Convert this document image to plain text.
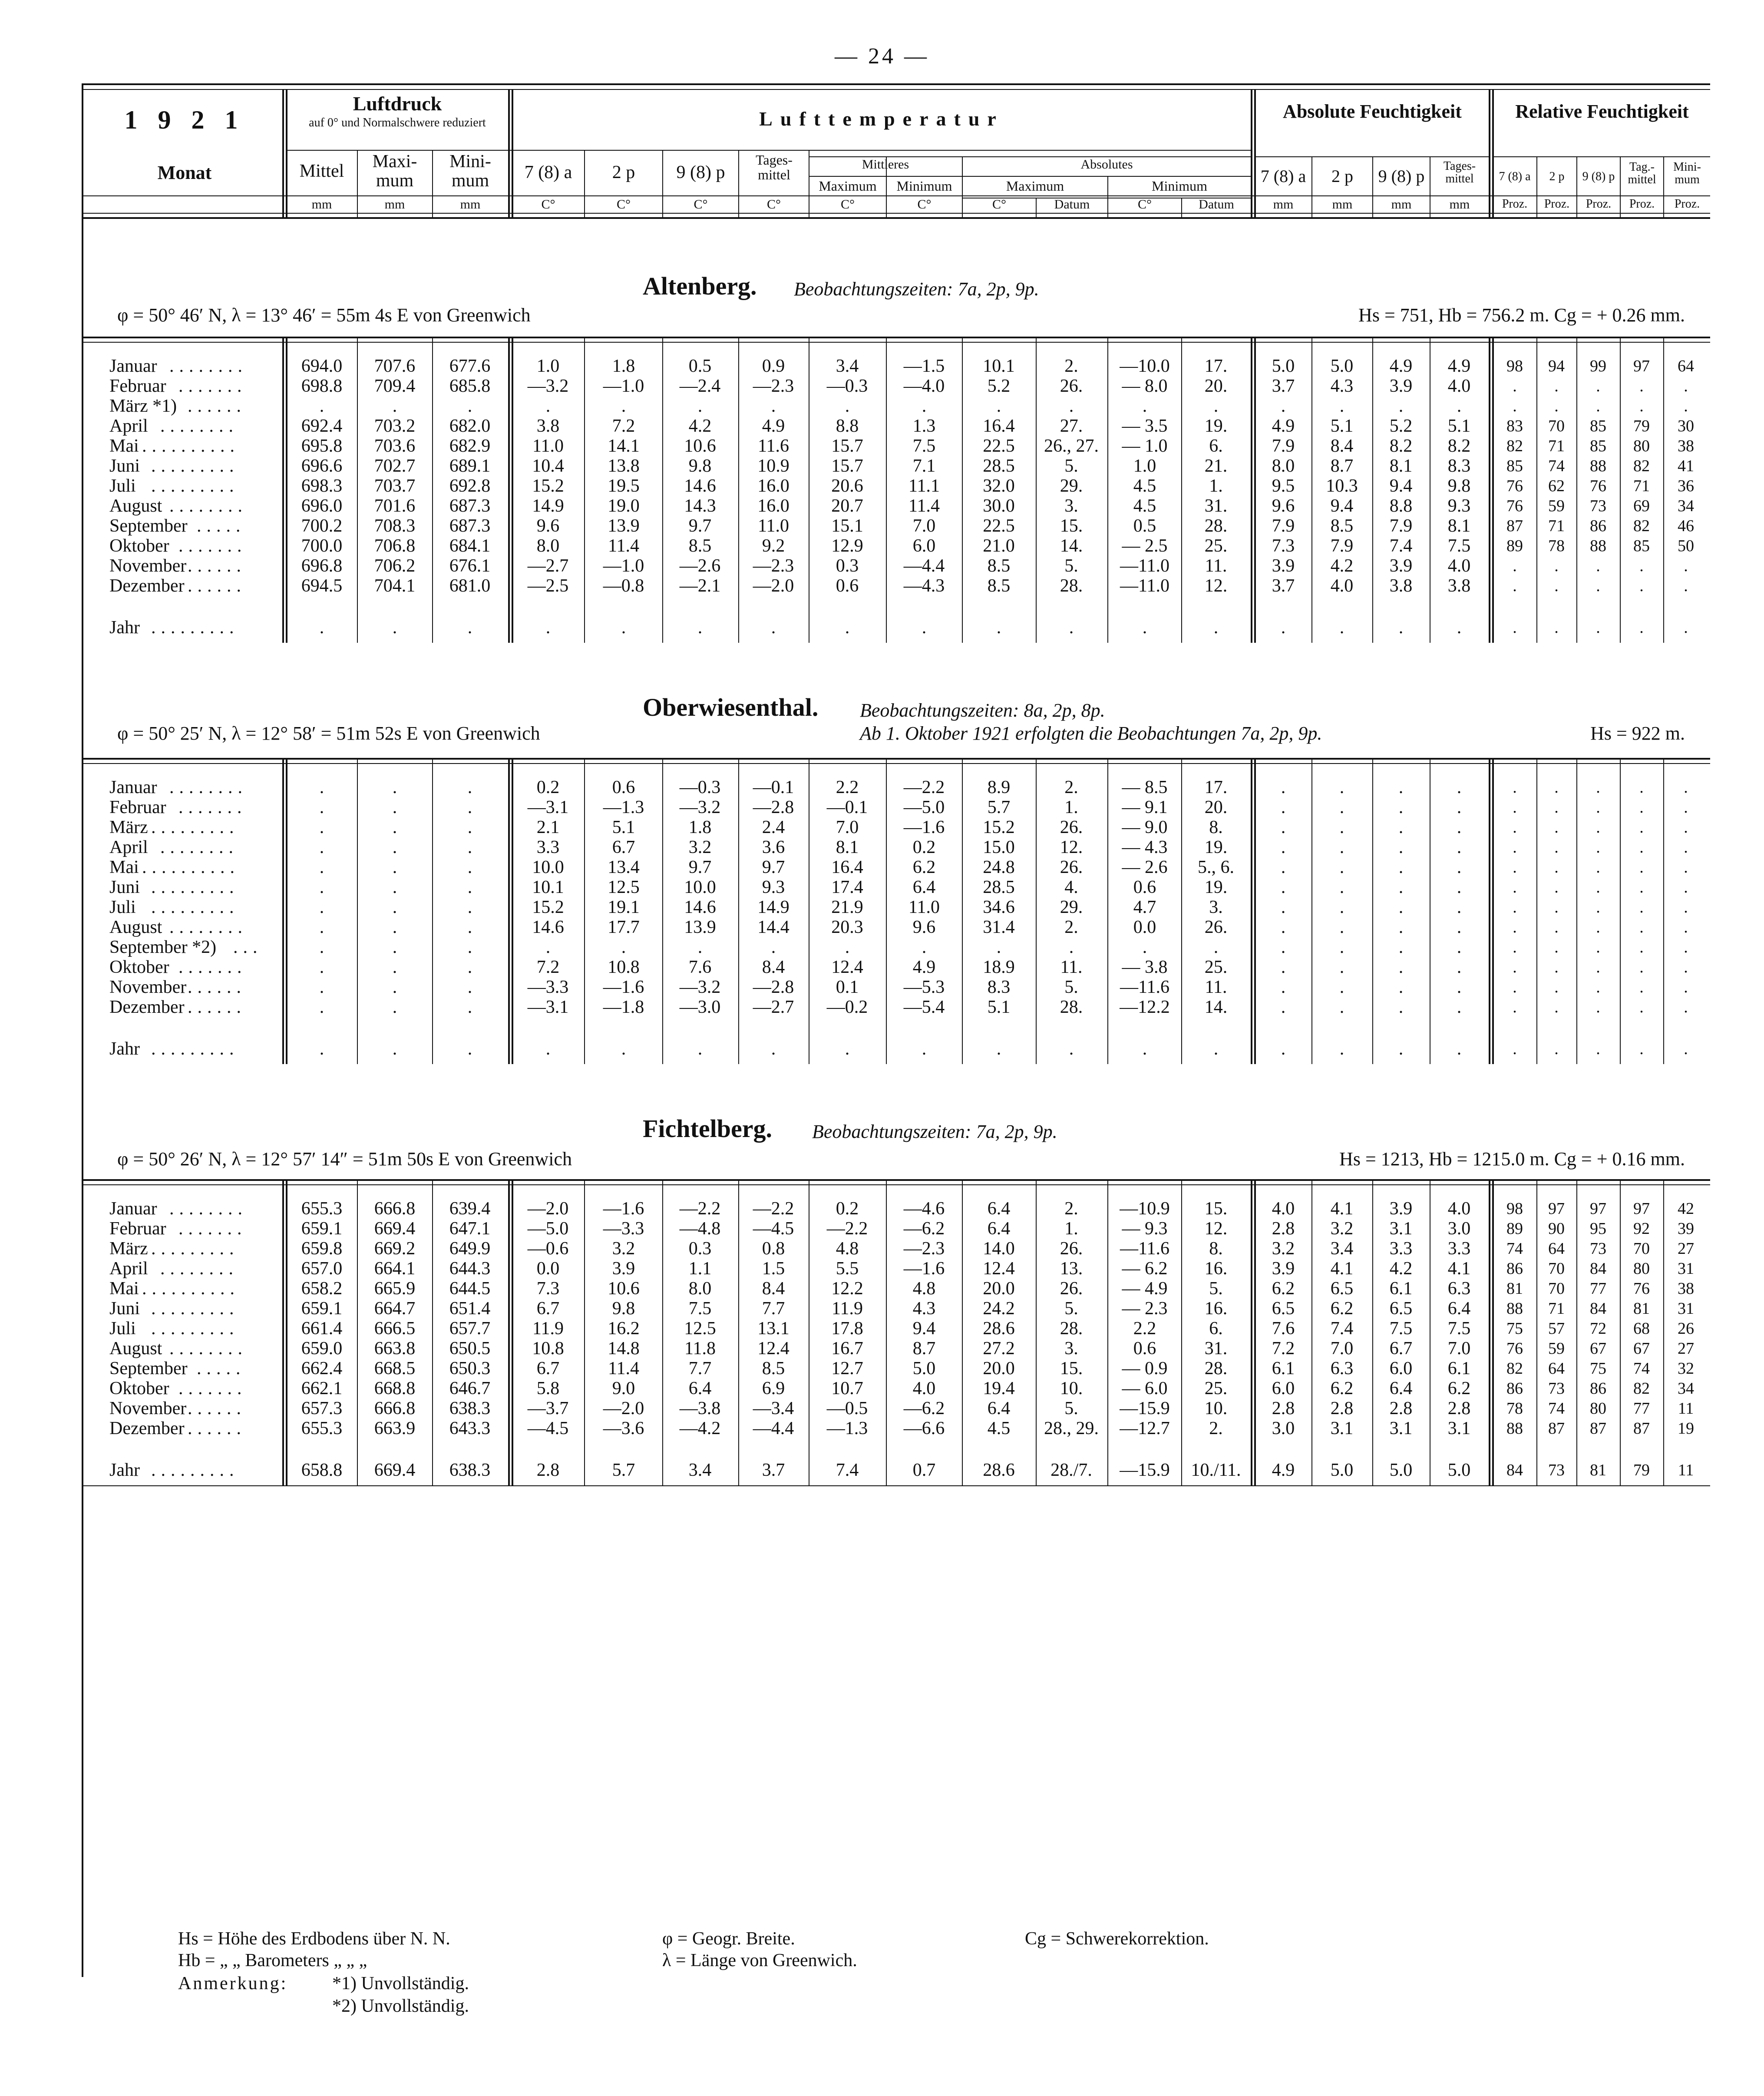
— 24 —
1 9 2 1
Monat
Luftdruck
auf 0° und Normalschwere reduziert
Mittel	Maxi-mum
Mini-mum
Lufttemperatur
7 (8) a	2 p	9 (8) p
Tages-mittel
Mittleres	Absolutes
Maximum	Minimum	Maximum	Minimum
Absolute Feuchtigkeit
7 (8) a	2 p	9 (8) p
Tages-mittel
Relative Feuchtigkeit
7 (8) a	2 p	9 (8) p
Tag.-mittel
Mini-mum
mm	mm	mm	C°	C°	C°	C°	C°	C°	C°	Datum	C°	Datum	mm	mm	mm	mm	Proz.	Proz.	Proz.	Proz.	Proz.
Altenberg. Beobachtungszeiten: 7a, 2p, 9p.
φ = 50° 46′ N, λ = 13° 46′ = 55m 4s E von Greenwich	Hs = 751, Hb = 756.2 m. Cg = + 0.26 mm.
Januar ........	694.0	707.6	677.6	1.0	1.8	0.5	0.9	3.4	—1.5	10.1	2.	—10.0	17.	5.0	5.0	4.9	4.9	98	94	99	97	64
Februar .......	698.8	709.4	685.8	—3.2	—1.0	—2.4	—2.3	—0.3	—4.0	5.2	26.	— 8.0	20.	3.7	4.3	3.9	4.0	.	.	.	.	.
März *1) ......	.	.	.	.	.	.	.	.	.	.	.	.	.	.	.	.	.	.	.	.	.	.
April ........	692.4	703.2	682.0	3.8	7.2	4.2	4.9	8.8	1.3	16.4	27.	— 3.5	19.	4.9	5.1	5.2	5.1	83	70	85	79	30
Mai ..........	695.8	703.6	682.9	11.0	14.1	10.6	11.6	15.7	7.5	22.5	26., 27.	— 1.0	6.	7.9	8.4	8.2	8.2	82	71	85	80	38
Juni .........	696.6	702.7	689.1	10.4	13.8	9.8	10.9	15.7	7.1	28.5	5.	1.0	21.	8.0	8.7	8.1	8.3	85	74	88	82	41
Juli .........	698.3	703.7	692.8	15.2	19.5	14.6	16.0	20.6	11.1	32.0	29.	4.5	1.	9.5	10.3	9.4	9.8	76	62	76	71	36
August ........	696.0	701.6	687.3	14.9	19.0	14.3	16.0	20.7	11.4	30.0	3.	4.5	31.	9.6	9.4	8.8	9.3	76	59	73	69	34
September .....	700.2	708.3	687.3	9.6	13.9	9.7	11.0	15.1	7.0	22.5	15.	0.5	28.	7.9	8.5	7.9	8.1	87	71	86	82	46
Oktober .......	700.0	706.8	684.1	8.0	11.4	8.5	9.2	12.9	6.0	21.0	14.	— 2.5	25.	7.3	7.9	7.4	7.5	89	78	88	85	50
November ......	696.8	706.2	676.1	—2.7	—1.0	—2.6	—2.3	0.3	—4.4	8.5	5.	—11.0	11.	3.9	4.2	3.9	4.0	.	.	.	.	.
Dezember ......	694.5	704.1	681.0	—2.5	—0.8	—2.1	—2.0	0.6	—4.3	8.5	28.	—11.0	12.	3.7	4.0	3.8	3.8	.	.	.	.	.
Jahr .........	.	.	.	.	.	.	.	.	.	.	.	.	.	.	.	.	.	.	.	.	.	.
Oberwiesenthal. Beobachtungszeiten: 8a, 2p, 8p.
φ = 50° 25′ N, λ = 12° 58′ = 51m 52s E von Greenwich	Hs = 922 m.
Ab 1. Oktober 1921 erfolgten die Beobachtungen 7a, 2p, 9p.
Januar ........	.	.	.	0.2	0.6	—0.3	—0.1	2.2	—2.2	8.9	2.	— 8.5	17.	.	.	.	.	.	.	.	.	.
Februar .......	.	.	.	—3.1	—1.3	—3.2	—2.8	—0.1	—5.0	5.7	1.	— 9.1	20.	.	.	.	.	.	.	.	.	.
März .........	.	.	.	2.1	5.1	1.8	2.4	7.0	—1.6	15.2	26.	— 9.0	8.	.	.	.	.	.	.	.	.	.
April ........	.	.	.	3.3	6.7	3.2	3.6	8.1	0.2	15.0	12.	— 4.3	19.	.	.	.	.	.	.	.	.	.
Mai ..........	.	.	.	10.0	13.4	9.7	9.7	16.4	6.2	24.8	26.	— 2.6	5., 6.	.	.	.	.	.	.	.	.	.
Juni .........	.	.	.	10.1	12.5	10.0	9.3	17.4	6.4	28.5	4.	0.6	19.	.	.	.	.	.	.	.	.	.
Juli .........	.	.	.	15.2	19.1	14.6	14.9	21.9	11.0	34.6	29.	4.7	3.	.	.	.	.	.	.	.	.	.
August ........	.	.	.	14.6	17.7	13.9	14.4	20.3	9.6	31.4	2.	0.0	26.	.	.	.	.	.	.	.	.	.
September *2) ...	.	.	.	.	.	.	.	.	.	.	.	.	.	.	.	.	.	.	.	.	.	.
Oktober .......	.	.	.	7.2	10.8	7.6	8.4	12.4	4.9	18.9	11.	— 3.8	25.	.	.	.	.	.	.	.	.	.
November ......	.	.	.	—3.3	—1.6	—3.2	—2.8	0.1	—5.3	8.3	5.	—11.6	11.	.	.	.	.	.	.	.	.	.
Dezember ......	.	.	.	—3.1	—1.8	—3.0	—2.7	—0.2	—5.4	5.1	28.	—12.2	14.	.	.	.	.	.	.	.	.	.
Jahr .........	.	.	.	.	.	.	.	.	.	.	.	.	.	.	.	.	.	.	.	.	.	.
Fichtelberg. Beobachtungszeiten: 7a, 2p, 9p.
φ = 50° 26′ N, λ = 12° 57′ 14″ = 51m 50s E von Greenwich	Hs = 1213, Hb = 1215.0 m. Cg = + 0.16 mm.
Januar ........	655.3	666.8	639.4	—2.0	—1.6	—2.2	—2.2	0.2	—4.6	6.4	2.	—10.9	15.	4.0	4.1	3.9	4.0	98	97	97	97	42
Februar .......	659.1	669.4	647.1	—5.0	—3.3	—4.8	—4.5	—2.2	—6.2	6.4	1.	— 9.3	12.	2.8	3.2	3.1	3.0	89	90	95	92	39
März .........	659.8	669.2	649.9	—0.6	3.2	0.3	0.8	4.8	—2.3	14.0	26.	—11.6	8.	3.2	3.4	3.3	3.3	74	64	73	70	27
April ........	657.0	664.1	644.3	0.0	3.9	1.1	1.5	5.5	—1.6	12.4	13.	— 6.2	16.	3.9	4.1	4.2	4.1	86	70	84	80	31
Mai ..........	658.2	665.9	644.5	7.3	10.6	8.0	8.4	12.2	4.8	20.0	26.	— 4.9	5.	6.2	6.5	6.1	6.3	81	70	77	76	38
Juni .........	659.1	664.7	651.4	6.7	9.8	7.5	7.7	11.9	4.3	24.2	5.	— 2.3	16.	6.5	6.2	6.5	6.4	88	71	84	81	31
Juli .........	661.4	666.5	657.7	11.9	16.2	12.5	13.1	17.8	9.4	28.6	28.	2.2	6.	7.6	7.4	7.5	7.5	75	57	72	68	26
August ........	659.0	663.8	650.5	10.8	14.8	11.8	12.4	16.7	8.7	27.2	3.	0.6	31.	7.2	7.0	6.7	7.0	76	59	67	67	27
September .....	662.4	668.5	650.3	6.7	11.4	7.7	8.5	12.7	5.0	20.0	15.	— 0.9	28.	6.1	6.3	6.0	6.1	82	64	75	74	32
Oktober .......	662.1	668.8	646.7	5.8	9.0	6.4	6.9	10.7	4.0	19.4	10.	— 6.0	25.	6.0	6.2	6.4	6.2	86	73	86	82	34
November ......	657.3	666.8	638.3	—3.7	—2.0	—3.8	—3.4	—0.5	—6.2	6.4	5.	—15.9	10.	2.8	2.8	2.8	2.8	78	74	80	77	11
Dezember ......	655.3	663.9	643.3	—4.5	—3.6	—4.2	—4.4	—1.3	—6.6	4.5	28., 29.	—12.7	2.	3.0	3.1	3.1	3.1	88	87	87	87	19
Jahr .........	658.8	669.4	638.3	2.8	5.7	3.4	3.7	7.4	0.7	28.6	28./7.	—15.9	10./11.	4.9	5.0	5.0	5.0	84	73	81	79	11
Hs = Höhe des Erdbodens über N. N.
Hb = „ „ Barometers „ „ „
φ = Geogr. Breite.
λ = Länge von Greenwich.
Cg = Schwerekorrektion.
Anmerkung: *1) Unvollständig.
*2) Unvollständig.
